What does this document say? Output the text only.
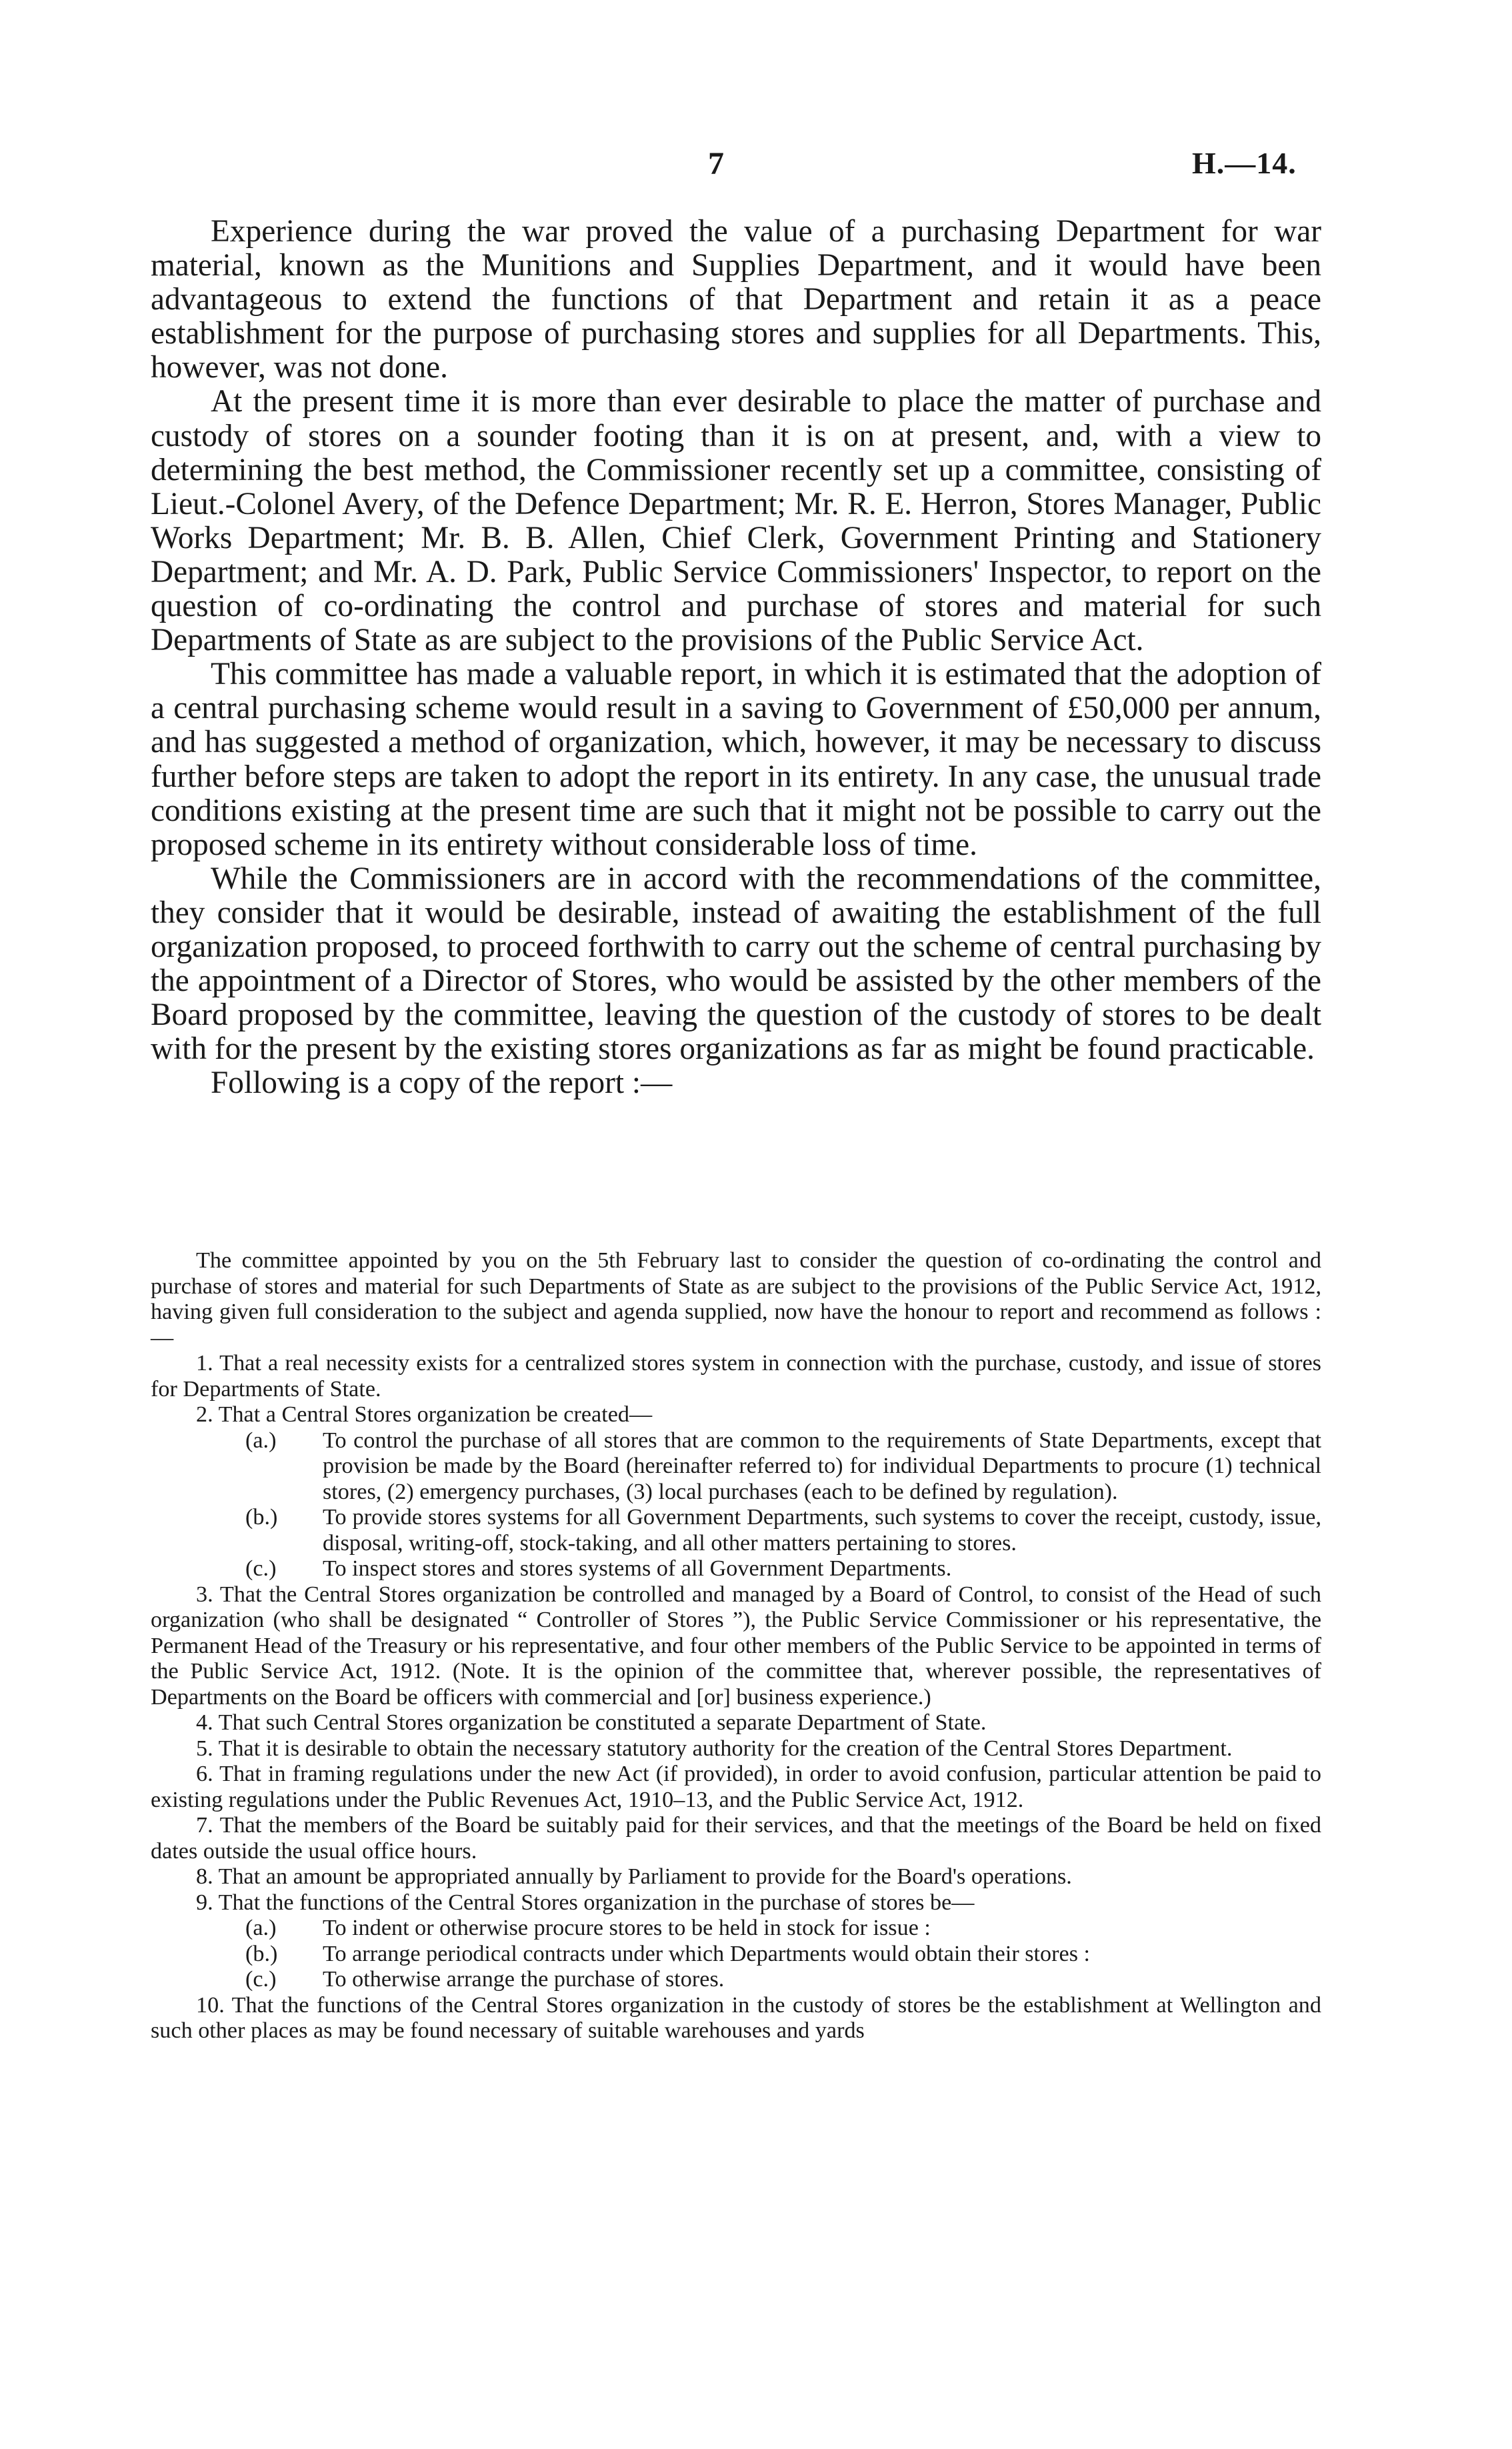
7	H.—14.

Experience during the war proved the value of a purchasing Department for war material, known as the Munitions and Supplies Department, and it would have been advantageous to extend the functions of that Department and retain it as a peace establishment for the purpose of purchasing stores and supplies for all Departments. This, however, was not done.

At the present time it is more than ever desirable to place the matter of purchase and custody of stores on a sounder footing than it is on at present, and, with a view to determining the best method, the Commissioner recently set up a committee, consisting of Lieut.-Colonel Avery, of the Defence Department; Mr. R. E. Herron, Stores Manager, Public Works Department; Mr. B. B. Allen, Chief Clerk, Government Printing and Stationery Department; and Mr. A. D. Park, Public Service Commissioners' Inspector, to report on the question of co-ordinating the control and purchase of stores and material for such Departments of State as are subject to the provisions of the Public Service Act.

This committee has made a valuable report, in which it is estimated that the adoption of a central purchasing scheme would result in a saving to Government of £50,000 per annum, and has suggested a method of organization, which, however, it may be necessary to discuss further before steps are taken to adopt the report in its entirety. In any case, the unusual trade conditions existing at the present time are such that it might not be possible to carry out the proposed scheme in its entirety without considerable loss of time.

While the Commissioners are in accord with the recommendations of the committee, they consider that it would be desirable, instead of awaiting the establishment of the full organization proposed, to proceed forthwith to carry out the scheme of central purchasing by the appointment of a Director of Stores, who would be assisted by the other members of the Board proposed by the committee, leaving the question of the custody of stores to be dealt with for the present by the existing stores organizations as far as might be found practicable.

Following is a copy of the report :—

The committee appointed by you on the 5th February last to consider the question of co-ordinating the control and purchase of stores and material for such Departments of State as are subject to the provisions of the Public Service Act, 1912, having given full consideration to the subject and agenda supplied, now have the honour to report and recommend as follows :—

1. That a real necessity exists for a centralized stores system in connection with the purchase, custody, and issue of stores for Departments of State.

2. That a Central Stores organization be created—

(a.) To control the purchase of all stores that are common to the requirements of State Departments, except that provision be made by the Board (hereinafter referred to) for individual Departments to procure (1) technical stores, (2) emergency purchases, (3) local purchases (each to be defined by regulation).

(b.) To provide stores systems for all Government Departments, such systems to cover the receipt, custody, issue, disposal, writing-off, stock-taking, and all other matters pertaining to stores.

(c.) To inspect stores and stores systems of all Government Departments.

3. That the Central Stores organization be controlled and managed by a Board of Control, to consist of the Head of such organization (who shall be designated “ Controller of Stores ”), the Public Service Commissioner or his representative, the Permanent Head of the Treasury or his representative, and four other members of the Public Service to be appointed in terms of the Public Service Act, 1912. (Note. It is the opinion of the committee that, wherever possible, the representatives of Departments on the Board be officers with commercial and [or] business experience.)

4. That such Central Stores organization be constituted a separate Department of State.

5. That it is desirable to obtain the necessary statutory authority for the creation of the Central Stores Department.

6. That in framing regulations under the new Act (if provided), in order to avoid confusion, particular attention be paid to existing regulations under the Public Revenues Act, 1910–13, and the Public Service Act, 1912.

7. That the members of the Board be suitably paid for their services, and that the meetings of the Board be held on fixed dates outside the usual office hours.

8. That an amount be appropriated annually by Parliament to provide for the Board's operations.

9. That the functions of the Central Stores organization in the purchase of stores be—

(a.) To indent or otherwise procure stores to be held in stock for issue :

(b.) To arrange periodical contracts under which Departments would obtain their stores :

(c.) To otherwise arrange the purchase of stores.

10. That the functions of the Central Stores organization in the custody of stores be the establishment at Wellington and such other places as may be found necessary of suitable warehouses and yards
